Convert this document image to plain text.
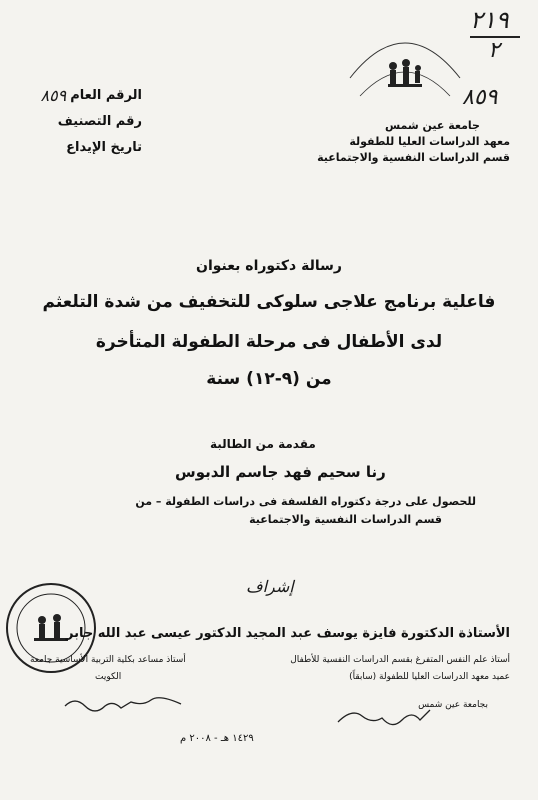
٢١٩
٢
٨٥٩
جامعة عين شمس
معهد الدراسات العليا للطفولة
قسم الدراسات النفسية والاجتماعية
الرقم العام
٨٥٩
رقم التصنيف
تاريخ الإيداع
رسالة دكتوراه بعنوان
فاعلية برنامج علاجى سلوكى للتخفيف من شدة التلعثم
لدى الأطفال فى مرحلة الطفولة المتأخرة
من (٩-١٢) سنة
مقدمة من الطالبة
رنا سحيم فهد جاسم الدبوس
للحصول على درجة دكتوراه الفلسفة فى دراسات الطفولة – من
قسم الدراسات النفسية والاجتماعية
إشراف
الأستاذة الدكتورة فايزة يوسف عبد المجيد
أستاذ علم النفس المتفرغ بقسم الدراسات النفسية للأطفال
عميد معهد الدراسات العليا للطفولة (سابقاً)
بجامعة عين شمس
الدكتور عيسى عبد الله جابر
أستاذ مساعد بكلية التربية الأساسية جامعة
الكويت
١٤٢٩ هـ - ٢٠٠٨ م
